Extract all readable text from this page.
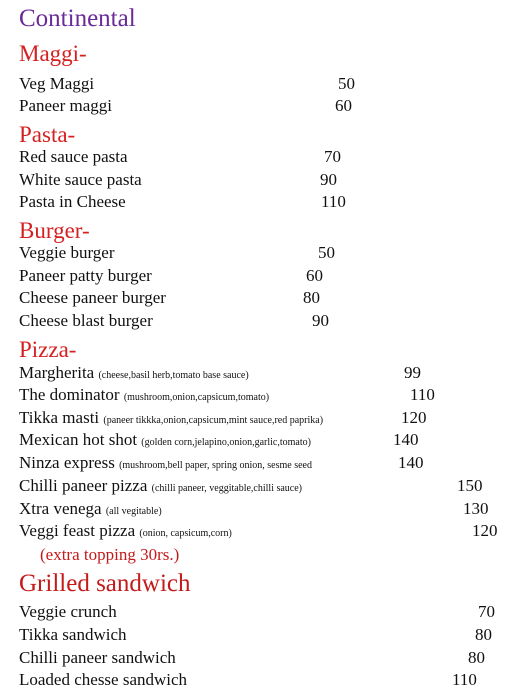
Continental
Maggi-
Veg Maggi	50
Paneer maggi	60
Pasta-
Red sauce pasta	70
White sauce pasta	90
Pasta in Cheese	110
Burger-
Veggie burger	50
Paneer patty burger	60
Cheese paneer burger	80
Cheese blast burger	90
Pizza-
Margherita (cheese,basil herb,tomato base sauce)	99
The dominator (mushroom,onion,capsicum,tomato)	110
Tikka masti (paneer tikkka,onion,capsicum,mint sauce,red paprika)	120
Mexican hot shot (golden corn,jelapino,onion,garlic,tomato)	140
Ninza express (mushroom,bell paper, spring onion, sesme seed	140
Chilli paneer pizza (chilli paneer, veggitable,chilli sauce)	150
Xtra venega (all vegitable)	130
Veggi feast pizza (onion, capsicum,corn)	120
(extra topping 30rs.)
Grilled sandwich
Veggie crunch	70
Tikka sandwich	80
Chilli paneer sandwich	80
Loaded chesse sandwich	110
